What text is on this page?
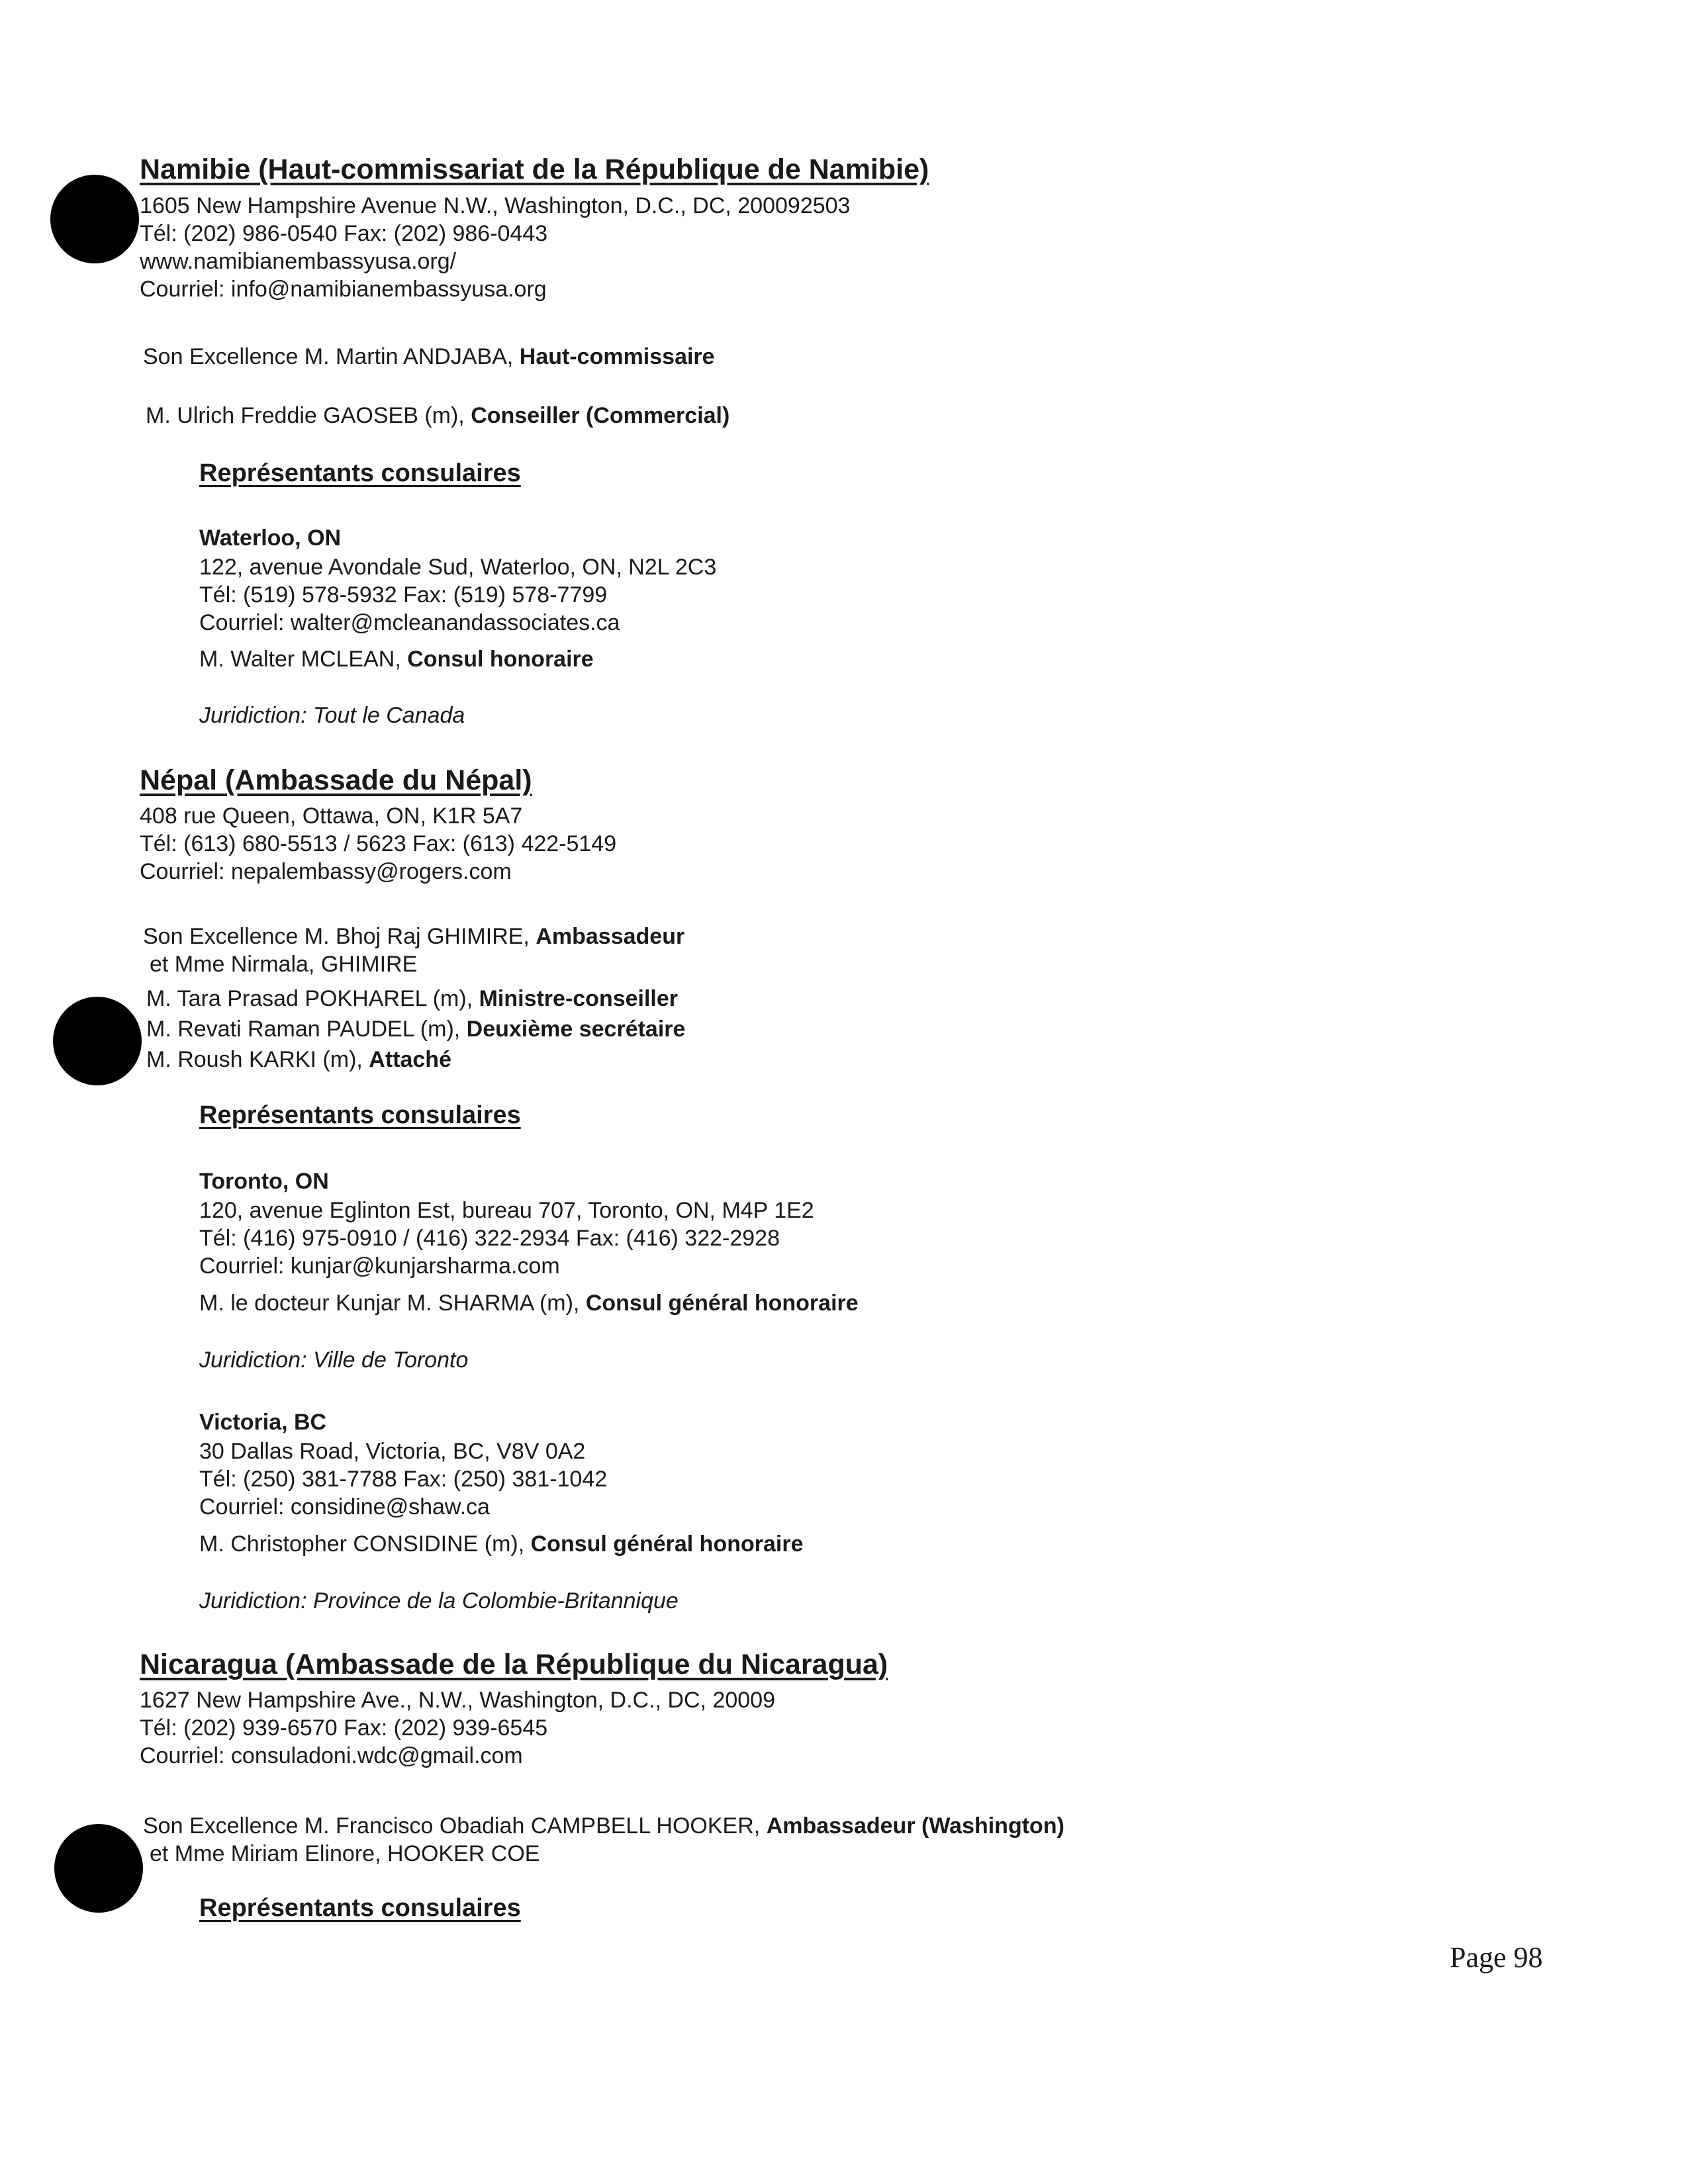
Namibie (Haut-commissariat de la République de Namibie)
1605 New Hampshire Avenue N.W., Washington, D.C., DC, 200092503
Tél: (202) 986-0540 Fax: (202) 986-0443
www.namibianembassyusa.org/
Courriel: info@namibianembassyusa.org
Son Excellence M. Martin ANDJABA, Haut-commissaire
M. Ulrich Freddie GAOSEB (m), Conseiller (Commercial)
Représentants consulaires
Waterloo, ON
122, avenue Avondale Sud, Waterloo, ON, N2L 2C3
Tél: (519) 578-5932 Fax: (519) 578-7799
Courriel: walter@mcleanandassociates.ca
M. Walter MCLEAN, Consul honoraire
Juridiction: Tout le Canada
Népal (Ambassade du Népal)
408 rue Queen, Ottawa, ON, K1R 5A7
Tél: (613) 680-5513 / 5623 Fax: (613) 422-5149
Courriel: nepalembassy@rogers.com
Son Excellence M. Bhoj Raj GHIMIRE, Ambassadeur
et Mme Nirmala, GHIMIRE
M. Tara Prasad POKHAREL (m), Ministre-conseiller
M. Revati Raman PAUDEL (m), Deuxième secrétaire
M. Roush KARKI (m), Attaché
Représentants consulaires
Toronto, ON
120, avenue Eglinton Est, bureau 707, Toronto, ON, M4P 1E2
Tél: (416) 975-0910 / (416) 322-2934 Fax: (416) 322-2928
Courriel: kunjar@kunjarsharma.com
M. le docteur Kunjar M. SHARMA (m), Consul général honoraire
Juridiction: Ville de Toronto
Victoria, BC
30 Dallas Road, Victoria, BC, V8V 0A2
Tél: (250) 381-7788 Fax: (250) 381-1042
Courriel: considine@shaw.ca
M. Christopher CONSIDINE (m), Consul général honoraire
Juridiction: Province de la Colombie-Britannique
Nicaragua (Ambassade de la République du Nicaragua)
1627 New Hampshire Ave., N.W., Washington, D.C., DC, 20009
Tél: (202) 939-6570 Fax: (202) 939-6545
Courriel: consuladoni.wdc@gmail.com
Son Excellence M. Francisco Obadiah CAMPBELL HOOKER, Ambassadeur (Washington)
et Mme Miriam Elinore, HOOKER COE
Représentants consulaires
Page 98
